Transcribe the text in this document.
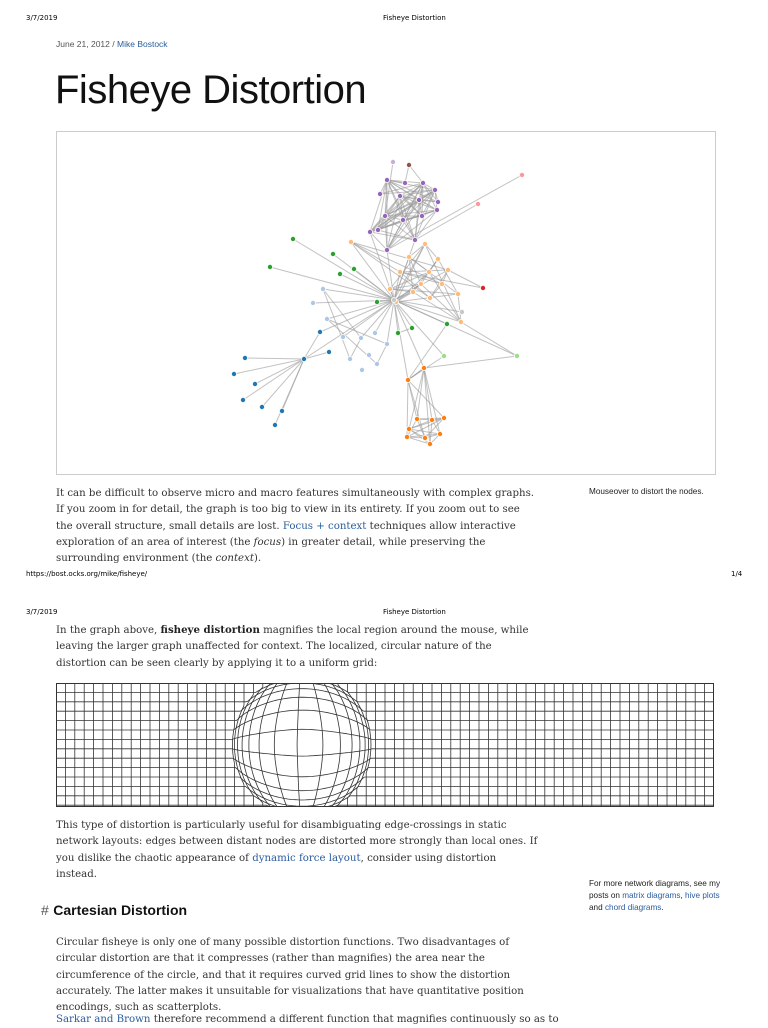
3/7/2019	Fisheye Distortion
June 21, 2012 / Mike Bostock
Fisheye Distortion
Mouseover to distort the nodes.
It can be difficult to observe micro and macro features simultaneously with complex graphs. If you zoom in for detail, the graph is too big to view in its entirety. If you zoom out to see the overall structure, small details are lost. Focus + context techniques allow interactive exploration of an area of interest (the focus) in greater detail, while preserving the surrounding environment (the context).
https://bost.ocks.org/mike/fisheye/	1/4
3/7/2019	Fisheye Distortion
In the graph above, fisheye distortion magnifies the local region around the mouse, while leaving the larger graph unaffected for context. The localized, circular nature of the distortion can be seen clearly by applying it to a uniform grid:
This type of distortion is particularly useful for disambiguating edge-crossings in static network layouts: edges between distant nodes are distorted more strongly than local ones. If you dislike the chaotic appearance of dynamic force layout, consider using distortion instead.
For more network diagrams, see my posts on matrix diagrams, hive plots and chord diagrams.
# Cartesian Distortion
Circular fisheye is only one of many possible distortion functions. Two disadvantages of circular distortion are that it compresses (rather than magnifies) the area near the circumference of the circle, and that it requires curved grid lines to show the distortion accurately. The latter makes it unsuitable for visualizations that have quantitative position encodings, such as scatterplots.
Sarkar and Brown therefore recommend a different function that magnifies continuously so as to
